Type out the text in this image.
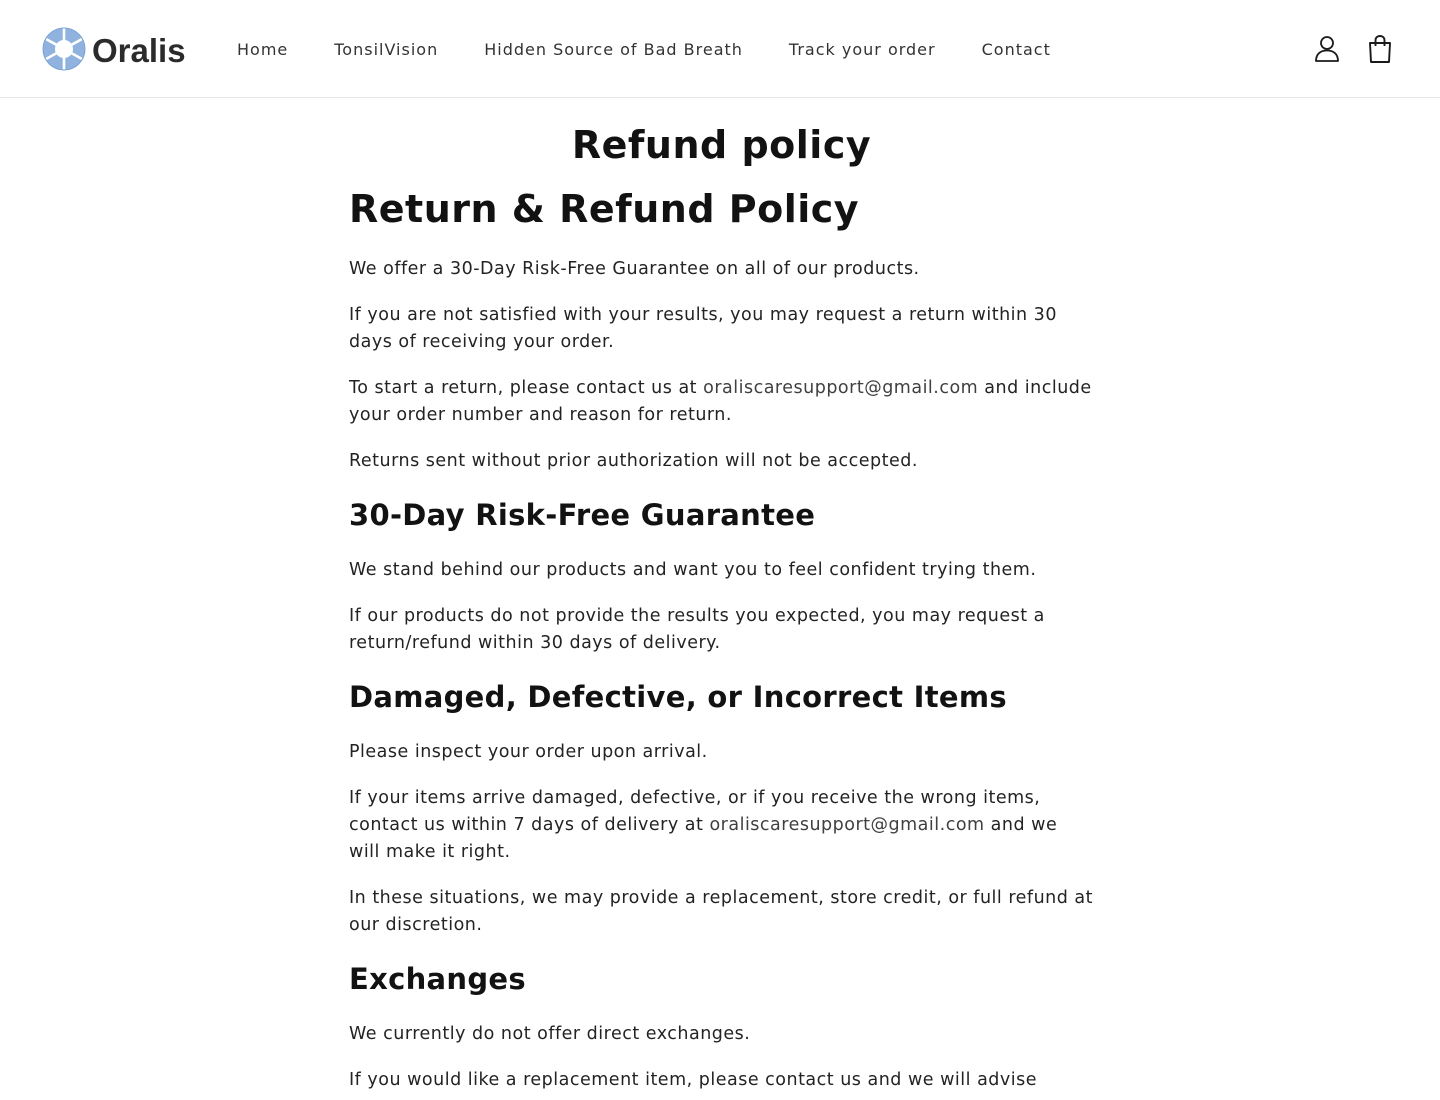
Oralis	Home	TonsilVision	Hidden Source of Bad Breath	Track your order	Contact
Refund policy
Return & Refund Policy

We offer a 30-Day Risk-Free Guarantee on all of our products.

If you are not satisfied with your results, you may request a return within 30 days of receiving your order.

To start a return, please contact us at oraliscaresupport@gmail.com and include your order number and reason for return.

Returns sent without prior authorization will not be accepted.

30-Day Risk-Free Guarantee

We stand behind our products and want you to feel confident trying them.

If our products do not provide the results you expected, you may request a return/refund within 30 days of delivery.

Damaged, Defective, or Incorrect Items

Please inspect your order upon arrival.

If your items arrive damaged, defective, or if you receive the wrong items, contact us within 7 days of delivery at oraliscaresupport@gmail.com and we will make it right.

In these situations, we may provide a replacement, store credit, or full refund at our discretion.

Exchanges

We currently do not offer direct exchanges.

If you would like a replacement item, please contact us and we will advise
